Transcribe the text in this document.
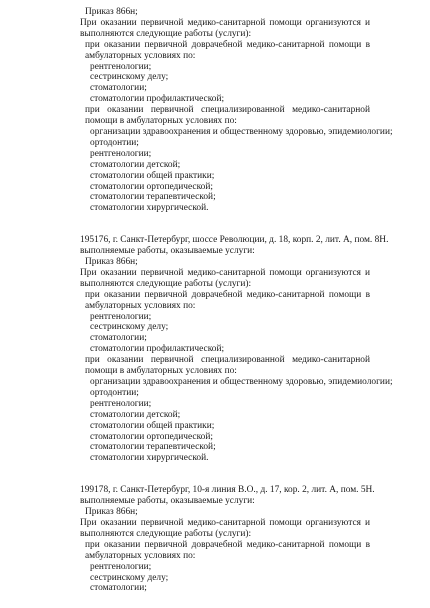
Приказ 866н;
При оказании первичной медико-санитарной помощи организуются и выполняются следующие работы (услуги):
при оказании первичной доврачебной медико-санитарной помощи в амбулаторных условиях по:
рентгенологии;
сестринскому делу;
стоматологии;
стоматологии профилактической;
при оказании первичной специализированной медико-санитарной помощи в амбулаторных условиях по:
организации здравоохранения и общественному здоровью, эпидемиологии;
ортодонтии;
рентгенологии;
стоматологии детской;
стоматологии общей практики;
стоматологии ортопедической;
стоматологии терапевтической;
стоматологии хирургической.
195176, г. Санкт-Петербург, шоссе Революции, д. 18, корп. 2, лит. А, пом. 8Н.
выполняемые работы, оказываемые услуги:
Приказ 866н;
При оказании первичной медико-санитарной помощи организуются и выполняются следующие работы (услуги):
при оказании первичной доврачебной медико-санитарной помощи в амбулаторных условиях по:
рентгенологии;
сестринскому делу;
стоматологии;
стоматологии профилактической;
при оказании первичной специализированной медико-санитарной помощи в амбулаторных условиях по:
организации здравоохранения и общественному здоровью, эпидемиологии;
ортодонтии;
рентгенологии;
стоматологии детской;
стоматологии общей практики;
стоматологии ортопедической;
стоматологии терапевтической;
стоматологии хирургической.
199178, г. Санкт-Петербург, 10-я линия В.О., д. 17, кор. 2, лит. А, пом. 5Н.
выполняемые работы, оказываемые услуги:
Приказ 866н;
При оказании первичной медико-санитарной помощи организуются и выполняются следующие работы (услуги):
при оказании первичной доврачебной медико-санитарной помощи в амбулаторных условиях по:
рентгенологии;
сестринскому делу;
стоматологии;
